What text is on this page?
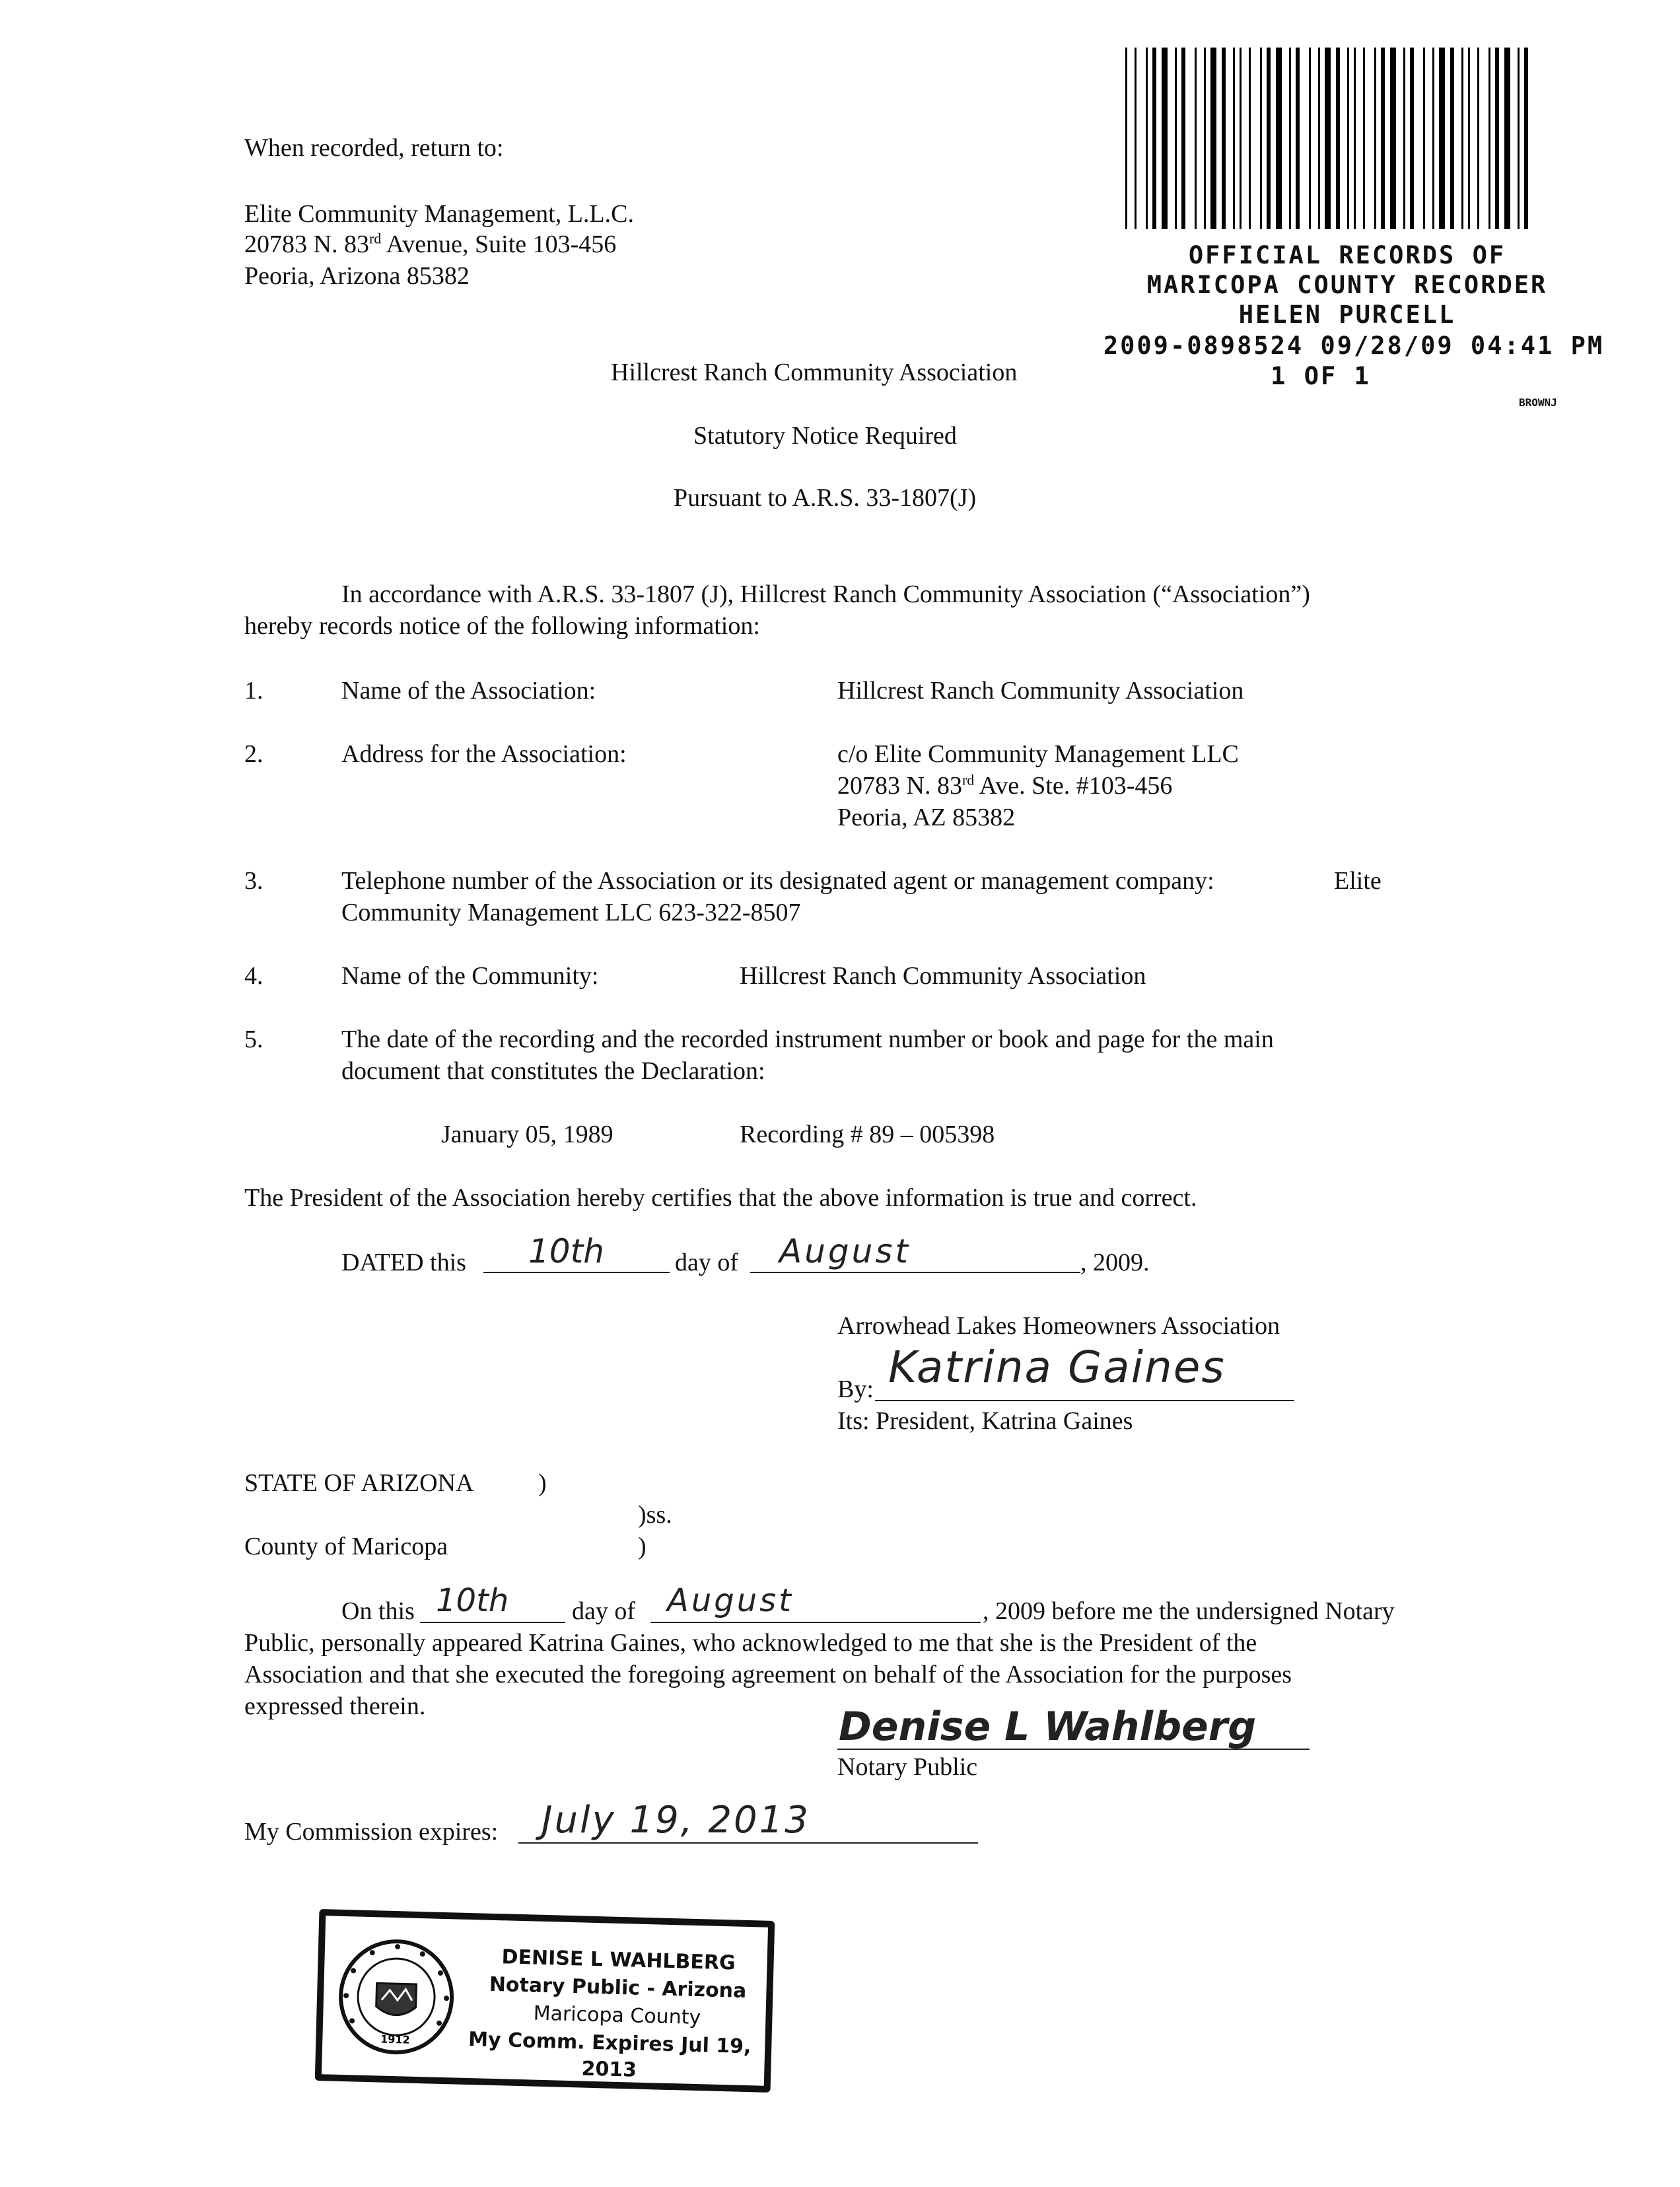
When recorded, return to:
Elite Community Management, L.L.C.
20783 N. 83rd Avenue, Suite 103-456
Peoria, Arizona 85382
OFFICIAL RECORDS OF
MARICOPA COUNTY RECORDER
HELEN PURCELL
2009-0898524 09/28/09 04:41 PM
1 OF 1
BROWNJ
Hillcrest Ranch Community Association
Statutory Notice Required
Pursuant to A.R.S. 33-1807(J)
In accordance with A.R.S. 33-1807 (J), Hillcrest Ranch Community Association (“Association”)
hereby records notice of the following information:
1.	Name of the Association:	Hillcrest Ranch Community Association
2.	Address for the Association:	c/o Elite Community Management LLC
20783 N. 83rd Ave. Ste. #103-456
Peoria, AZ 85382
3.	Telephone number of the Association or its designated agent or management company:	Elite
Community Management LLC 623-322-8507
4.	Name of the Community:	Hillcrest Ranch Community Association
5.	The date of the recording and the recorded instrument number or book and page for the main
document that constitutes the Declaration:
January 05, 1989	Recording # 89 – 005398
The President of the Association hereby certifies that the above information is true and correct.
DATED this 10th	day of August	, 2009.
Arrowhead Lakes Homeowners Association
By: Katrina Gaines
Its: President, Katrina Gaines
STATE OF ARIZONA	)
)ss.
County of Maricopa	)
On this 10th	day of August	, 2009 before me the undersigned Notary
Public, personally appeared Katrina Gaines, who acknowledged to me that she is the President of the
Association and that she executed the foregoing agreement on behalf of the Association for the purposes
expressed therein.	Denise L Wahlberg
Notary Public
My Commission expires: July 19, 2013
1912
DENISE L WAHLBERG
Notary Public - Arizona
Maricopa County
My Comm. Expires Jul 19, 2013
